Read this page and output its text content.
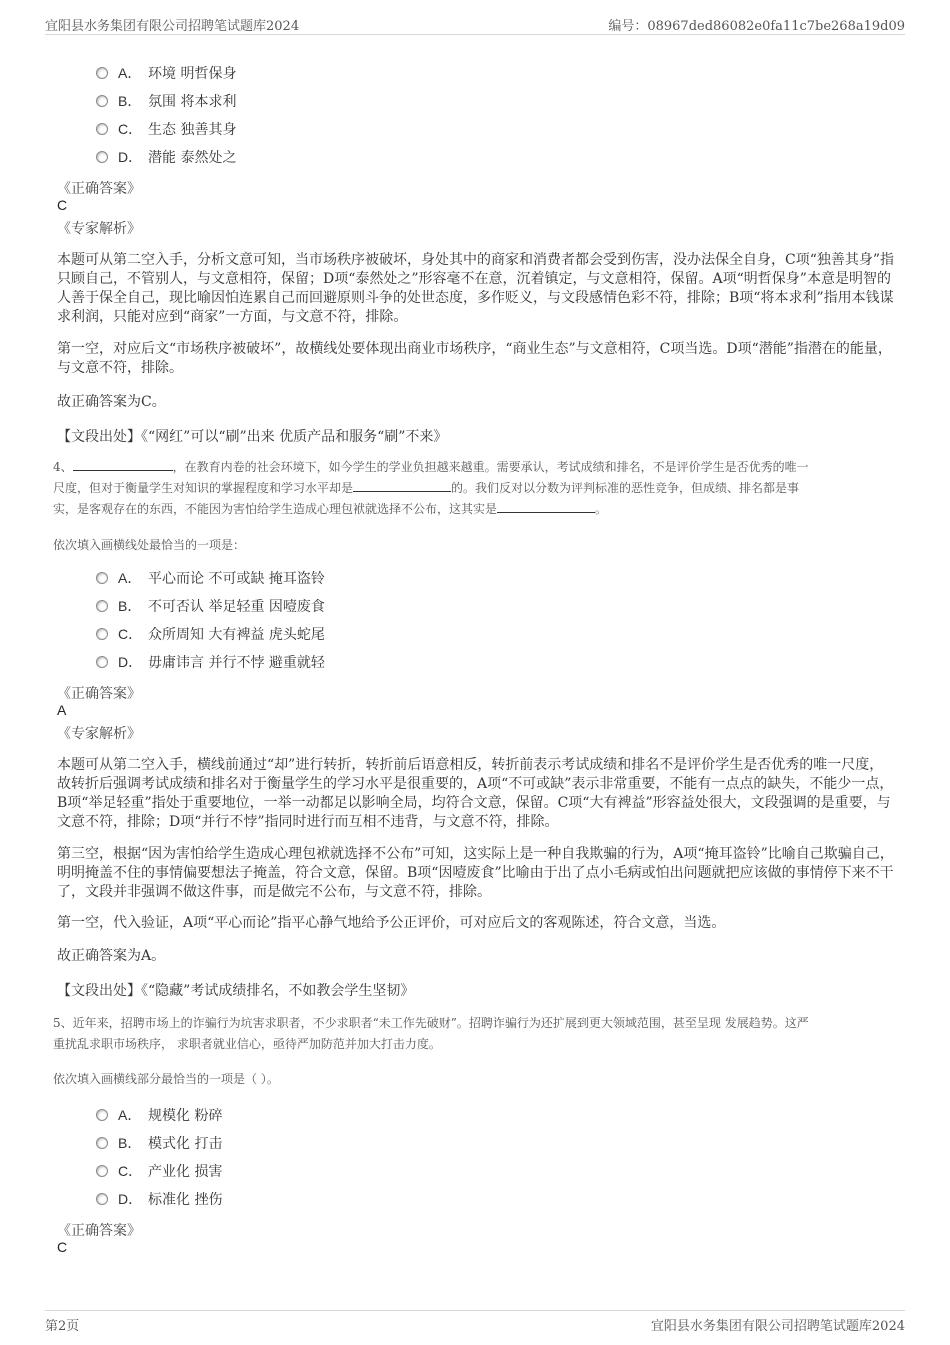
宜阳县水务集团有限公司招聘笔试题库2024	编号：08967ded86082e0fa11c7be268a19d09
A． 环境 明哲保身
B． 氛围 将本求利
C． 生态 独善其身
D． 潜能 泰然处之
《正确答案》
C
《专家解析》
本题可从第二空入手，分析文意可知，当市场秩序被破坏，身处其中的商家和消费者都会受到伤害，没办法保全自身，C项“独善其身”指只顾自己，不管别人，与文意相符，保留；D项“泰然处之”形容毫不在意，沉着镇定，与文意相符，保留。A项“明哲保身”本意是明智的人善于保全自己，现比喻因怕连累自己而回避原则斗争的处世态度，多作贬义，与文段感情色彩不符，排除；B项“将本求利”指用本钱谋求利润，只能对应到“商家”一方面，与文意不符，排除。
第一空，对应后文“市场秩序被破坏”，故横线处要体现出商业市场秩序，“商业生态”与文意相符，C项当选。D项“潜能”指潜在的能量，与文意不符，排除。
故正确答案为C。
【文段出处】《“网红”可以“刷”出来 优质产品和服务“刷”不来》
4、	，在教育内卷的社会环境下，如今学生的学业负担越来越重。需要承认，考试成绩和排名，不是评价学生是否优秀的唯一
尺度，但对于衡量学生对知识的掌握程度和学习水平却是	的。我们反对以分数为评判标准的恶性竞争，但成绩、排名都是事
实，是客观存在的东西，不能因为害怕给学生造成心理包袱就选择不公布，这其实是	。
依次填入画横线处最恰当的一项是：
A． 平心而论 不可或缺 掩耳盗铃
B． 不可否认 举足轻重 因噎废食
C． 众所周知 大有裨益 虎头蛇尾
D． 毋庸讳言 并行不悖 避重就轻
《正确答案》
A
《专家解析》
本题可从第二空入手，横线前通过“却”进行转折，转折前后语意相反，转折前表示考试成绩和排名不是评价学生是否优秀的唯一尺度，故转折后强调考试成绩和排名对于衡量学生的学习水平是很重要的，A项“不可或缺”表示非常重要，不能有一点点的缺失，不能少一点，B项“举足轻重”指处于重要地位，一举一动都足以影响全局，均符合文意，保留。C项“大有裨益”形容益处很大，文段强调的是重要，与文意不符，排除；D项“并行不悖”指同时进行而互相不违背，与文意不符，排除。
第三空，根据“因为害怕给学生造成心理包袱就选择不公布”可知，这实际上是一种自我欺骗的行为，A项“掩耳盗铃”比喻自己欺骗自己，明明掩盖不住的事情偏要想法子掩盖，符合文意，保留。B项“因噎废食”比喻由于出了点小毛病或怕出问题就把应该做的事情停下来不干了，文段并非强调不做这件事，而是做完不公布，与文意不符，排除。
第一空，代入验证，A项“平心而论”指平心静气地给予公正评价，可对应后文的客观陈述，符合文意，当选。
故正确答案为A。
【文段出处】《“隐藏”考试成绩排名，不如教会学生坚韧》
5、近年来，招聘市场上的诈骗行为坑害求职者，不少求职者“未工作先破财”。招聘诈骗行为还扩展到更大领域范围，甚至呈现 发展趋势。这严
重扰乱求职市场秩序， 求职者就业信心，亟待严加防范并加大打击力度。
依次填入画横线部分最恰当的一项是（ ）。
A． 规模化 粉碎
B． 模式化 打击
C． 产业化 损害
D． 标准化 挫伤
《正确答案》
C
第2页	宜阳县水务集团有限公司招聘笔试题库2024
